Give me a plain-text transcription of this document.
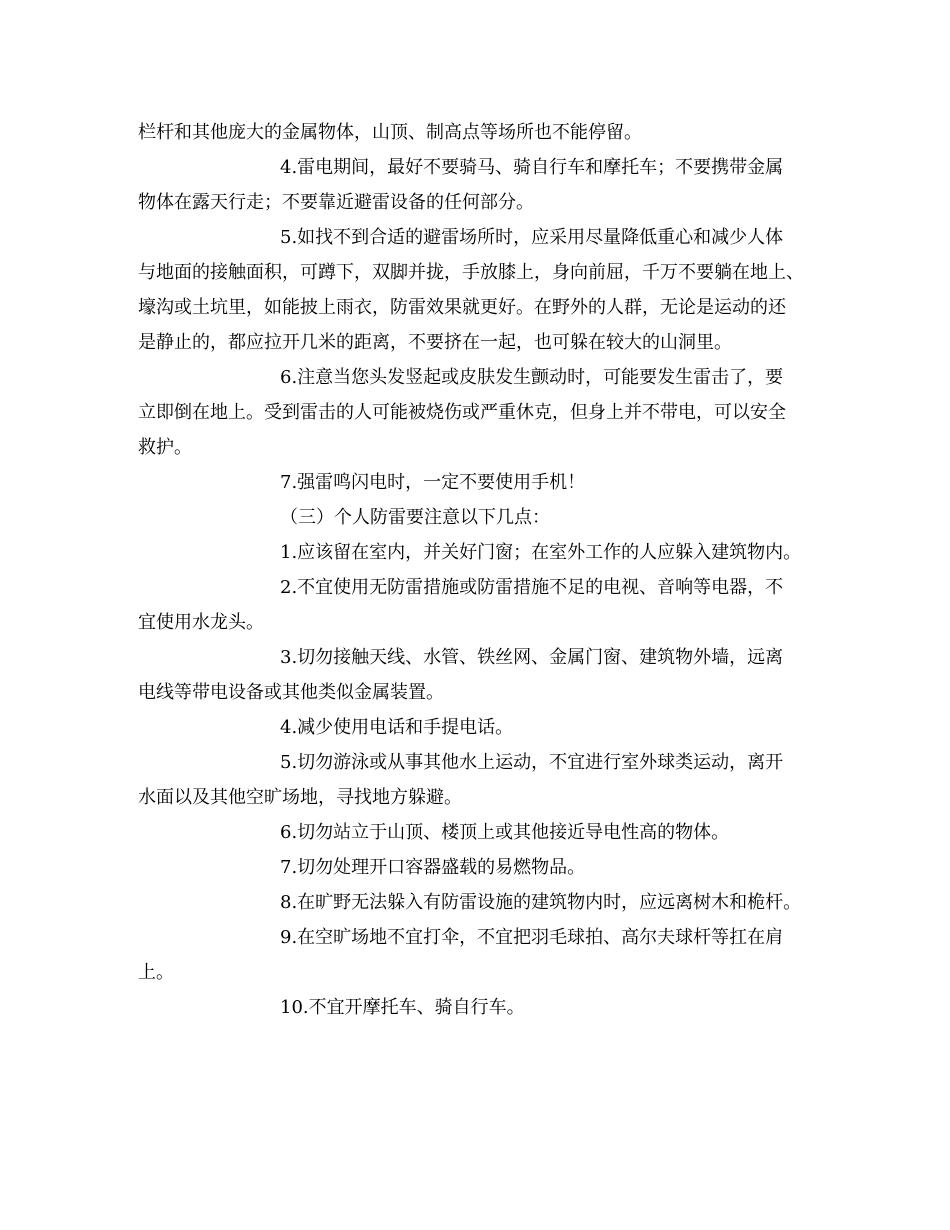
栏杆和其他庞大的金属物体，山顶、制高点等场所也不能停留。
4.雷电期间，最好不要骑马、骑自行车和摩托车；不要携带金属
物体在露天行走；不要靠近避雷设备的任何部分。
5.如找不到合适的避雷场所时，应采用尽量降低重心和减少人体
与地面的接触面积，可蹲下，双脚并拢，手放膝上，身向前屈，千万不要躺在地上、
壕沟或土坑里，如能披上雨衣，防雷效果就更好。在野外的人群，无论是运动的还
是静止的，都应拉开几米的距离，不要挤在一起，也可躲在较大的山洞里。
6.注意当您头发竖起或皮肤发生颤动时，可能要发生雷击了，要
立即倒在地上。受到雷击的人可能被烧伤或严重休克，但身上并不带电，可以安全
救护。
7.强雷鸣闪电时，一定不要使用手机！
（三）个人防雷要注意以下几点：
1.应该留在室内，并关好门窗；在室外工作的人应躲入建筑物内。
2.不宜使用无防雷措施或防雷措施不足的电视、音响等电器，不
宜使用水龙头。
3.切勿接触天线、水管、铁丝网、金属门窗、建筑物外墙，远离
电线等带电设备或其他类似金属装置。
4.减少使用电话和手提电话。
5.切勿游泳或从事其他水上运动，不宜进行室外球类运动，离开
水面以及其他空旷场地，寻找地方躲避。
6.切勿站立于山顶、楼顶上或其他接近导电性高的物体。
7.切勿处理开口容器盛载的易燃物品。
8.在旷野无法躲入有防雷设施的建筑物内时，应远离树木和桅杆。
9.在空旷场地不宜打伞，不宜把羽毛球拍、高尔夫球杆等扛在肩
上。
10.不宜开摩托车、骑自行车。
